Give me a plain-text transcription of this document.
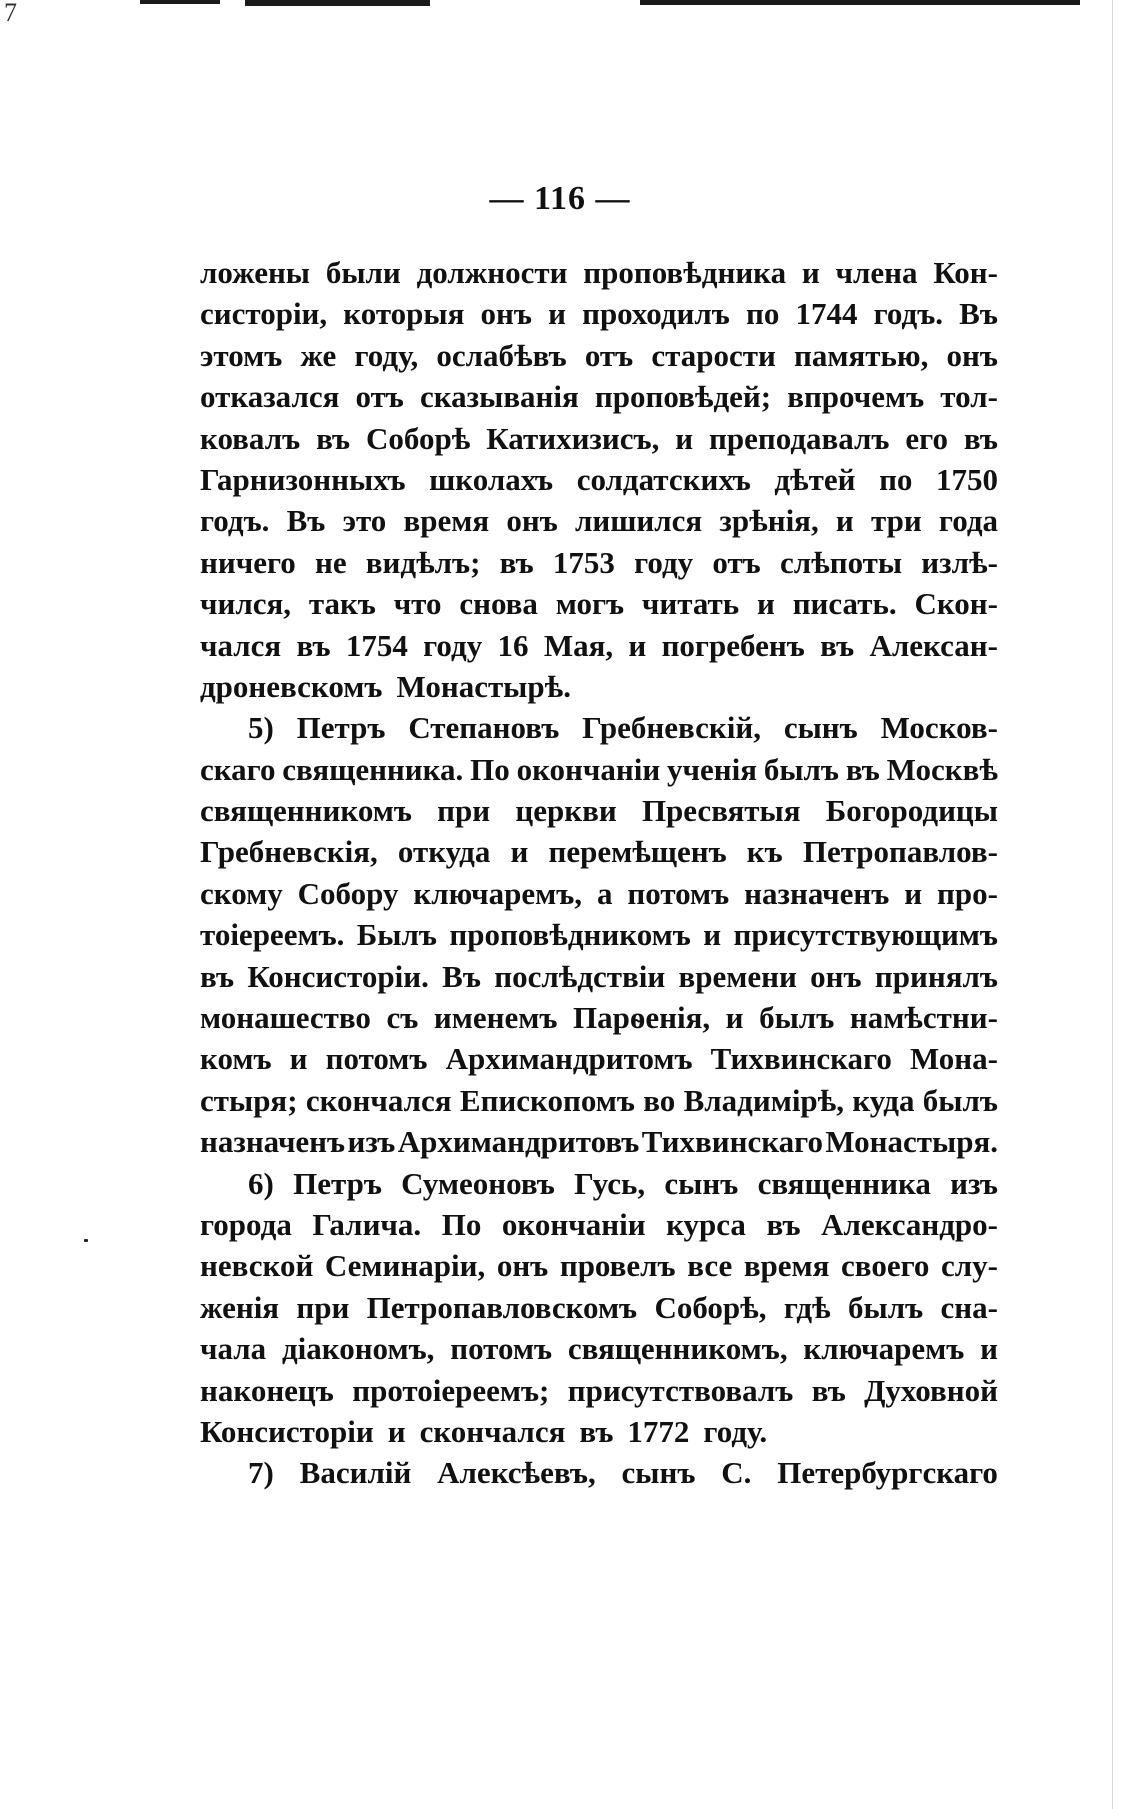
7
— 116 —
ложены были должности проповѣдника и члена Кон-
систоріи, которыя онъ и проходилъ по 1744 годъ. Въ
этомъ же году, ослабѣвъ отъ старости памятью, онъ
отказался отъ сказыванія проповѣдей; впрочемъ тол-
ковалъ въ Соборѣ Катихизисъ, и преподавалъ его въ
Гарнизонныхъ школахъ солдатскихъ дѣтей по 1750
годъ. Въ это время онъ лишился зрѣнія, и три года
ничего не видѣлъ; въ 1753 году отъ слѣпоты излѣ-
чился, такъ что снова могъ читать и писать. Скон-
чался въ 1754 году 16 Мая, и погребенъ въ Алексан-
дроневскомъ Монастырѣ.
5) Петръ Степановъ Гребневскій, сынъ Москов-
скаго священника. По окончаніи ученія былъ въ Москвѣ
священникомъ при церкви Пресвятыя Богородицы
Гребневскія, откуда и перемѣщенъ къ Петропавлов-
скому Собору ключаремъ, а потомъ назначенъ и про-
тоіереемъ. Былъ проповѣдникомъ и присутствующимъ
въ Консисторіи. Въ послѣдствіи времени онъ принялъ
монашество съ именемъ Парѳенія, и былъ намѣстни-
комъ и потомъ Архимандритомъ Тихвинскаго Мона-
стыря; скончался Епископомъ во Владимірѣ, куда былъ
назначенъ изъ Архимандритовъ Тихвинскаго Монастыря.
6) Петръ Сумеоновъ Гусь, сынъ священника изъ
города Галича. По окончаніи курса въ Александро-
невской Семинаріи, онъ провелъ все время своего слу-
женія при Петропавловскомъ Соборѣ, гдѣ былъ сна-
чала діакономъ, потомъ священникомъ, ключаремъ и
наконецъ протоіереемъ; присутствовалъ въ Духовной
Консисторіи и скончался въ 1772 году.
7) Василій Алексѣевъ, сынъ С. Петербургскаго
